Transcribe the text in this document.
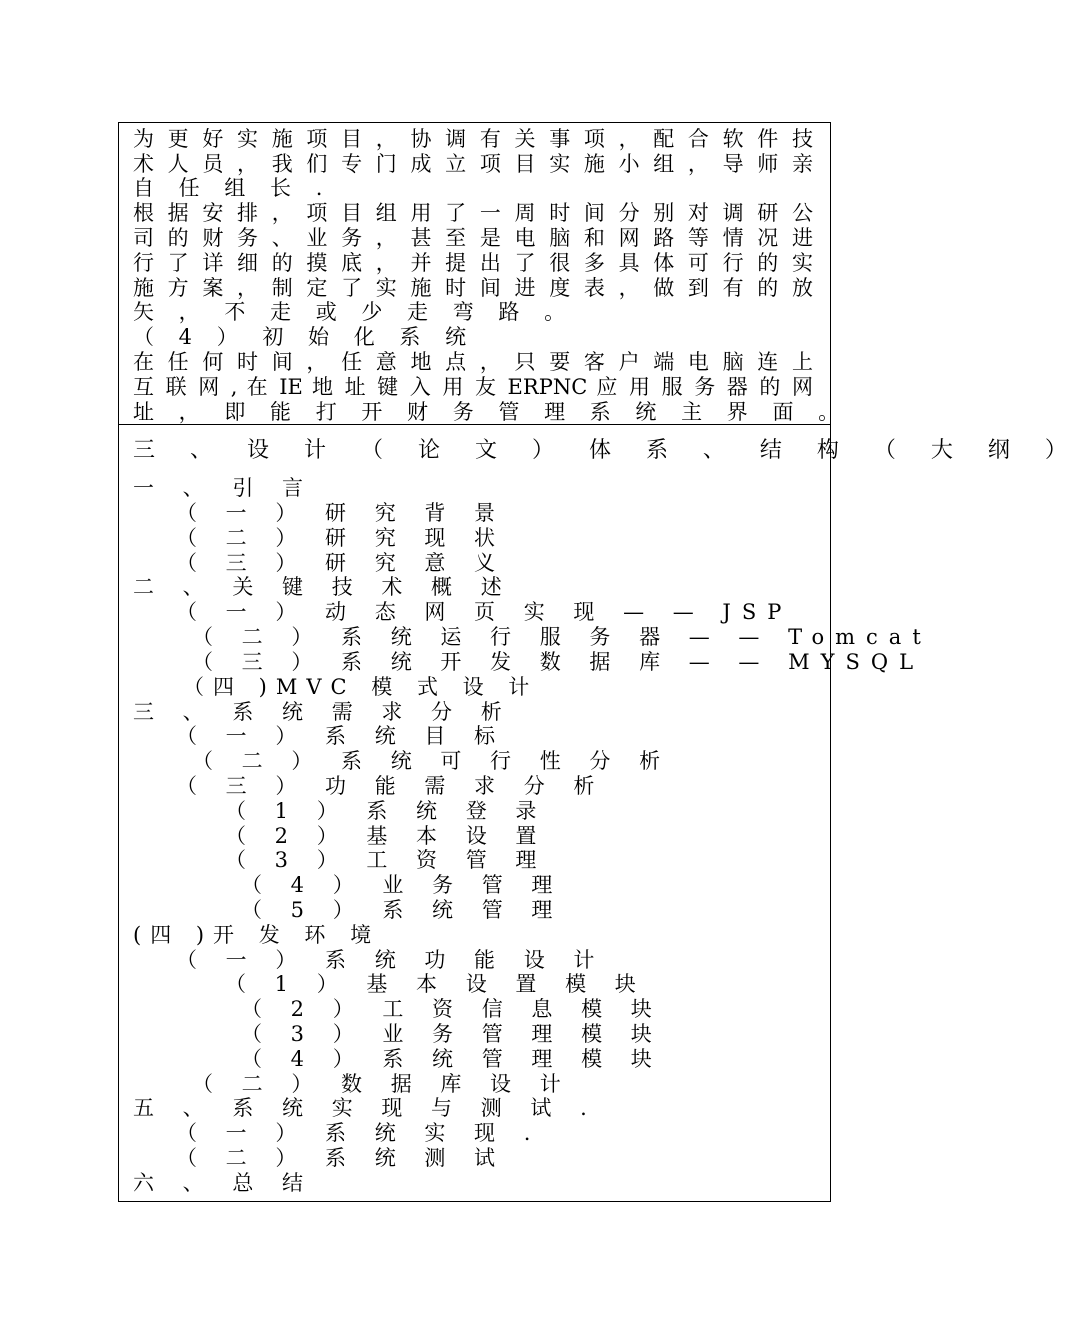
为 更 好 实 施 项 目 ， 协 调 有 关 事 项 ， 配 合 软 件 技
术 人 员 ， 我 们 专 门 成 立 项 目 实 施 小 组 ， 导 师 亲
自 任 组 长 .
根 据 安 排 ， 项 目 组 用 了 一 周 时 间 分 别 对 调 研 公
司 的 财 务 、 业 务 ， 甚 至 是 电 脑 和 网 路 等 情 况 进
行 了 详 细 的 摸 底 ， 并 提 出 了 很 多 具 体 可 行 的 实
施 方 案 ， 制 定 了 实 施 时 间 进 度 表 ， 做 到 有 的 放
矢 ， 不 走 或 少 走 弯 路 。
（ 4 ） 初 始 化 系 统
在 任 何 时 间 ， 任 意 地 点 ， 只 要 客 户 端 电 脑 连 上
互 联 网 , 在 IE 地 址 键 入 用 友 ERPNC 应 用 服 务 器 的 网
址 ， 即 能 打 开 财 务 管 理 系 统 主 界 面 。
三 、 设 计 （ 论 文 ） 体 系 、 结 构 （ 大 纲 ）
一 、 引 言
（ 一 ） 研 究 背 景
（ 二 ） 研 究 现 状
（ 三 ） 研 究 意 义
二 、 关 键 技 术 概 述
（ 一 ） 动 态 网 页 实 现 — — JSP
（ 二 ） 系 统 运 行 服 务 器 — — Tomcat
（ 三 ） 系 统 开 发 数 据 库 — — MYSQL
（四 )MVC 模 式 设 计
三 、 系 统 需 求 分 析
（ 一 ） 系 统 目 标
（ 二 ） 系 统 可 行 性 分 析
（ 三 ） 功 能 需 求 分 析
（ 1 ） 系 统 登 录
（ 2 ） 基 本 设 置
（ 3 ） 工 资 管 理
（ 4 ） 业 务 管 理
（ 5 ） 系 统 管 理
(四 )开 发 环 境
（ 一 ） 系 统 功 能 设 计
（ 1 ） 基 本 设 置 模 块
（ 2 ） 工 资 信 息 模 块
（ 3 ） 业 务 管 理 模 块
（ 4 ） 系 统 管 理 模 块
（ 二 ） 数 据 库 设 计
五 、 系 统 实 现 与 测 试 .
（ 一 ） 系 统 实 现 .
（ 二 ） 系 统 测 试
六 、 总 结
